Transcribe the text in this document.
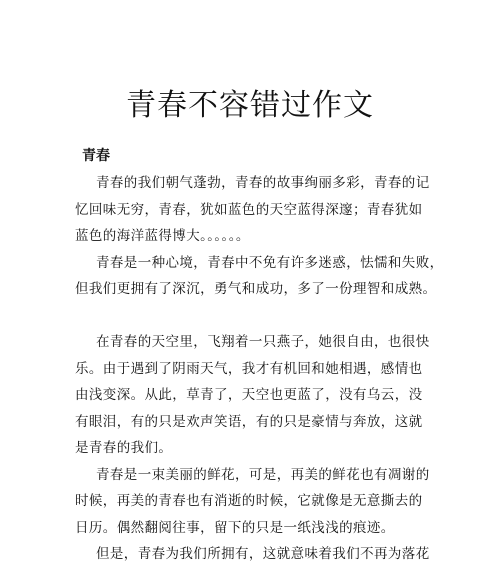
青春不容错过作文
青春
青春的我们朝气蓬勃，青春的故事绚丽多彩，青春的记
忆回味无穷，青春，犹如蓝色的天空蓝得深邃；青春犹如
蓝色的海洋蓝得博大。。。。。。
青春是一种心境，青春中不免有许多迷惑，怯懦和失败，
但我们更拥有了深沉，勇气和成功，多了一份理智和成熟。
在青春的天空里，飞翔着一只燕子，她很自由，也很快
乐。由于遇到了阴雨天气，我才有机回和她相遇，感情也
由浅变深。从此，草青了，天空也更蓝了，没有乌云，没
有眼泪，有的只是欢声笑语，有的只是豪情与奔放，这就
是青春的我们。
青春是一束美丽的鲜花，可是，再美的鲜花也有凋谢的
时候，再美的青春也有消逝的时候，它就像是无意撕去的
日历。偶然翻阅往事，留下的只是一纸浅浅的痕迹。
但是，青春为我们所拥有，这就意味着我们不再为落花
